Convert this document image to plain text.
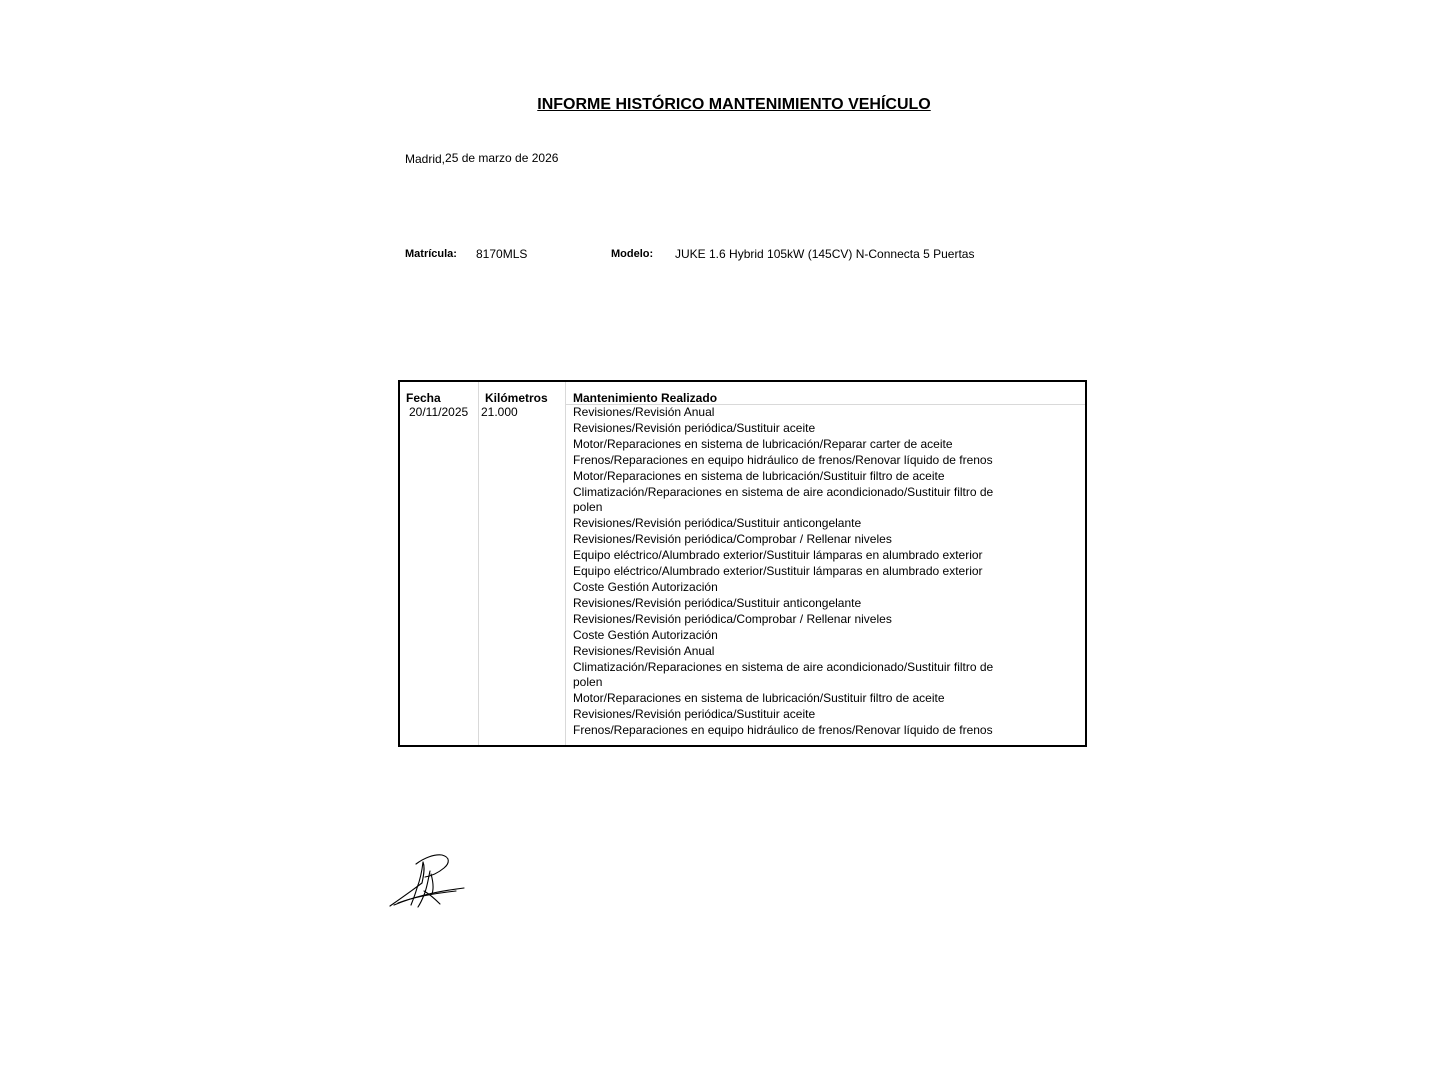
INFORME HISTÓRICO MANTENIMIENTO VEHÍCULO
Madrid,25 de marzo de 2026
Matrícula: 8170MLS	Modelo: JUKE 1.6 Hybrid 105kW (145CV) N-Connecta 5 Puertas
Fecha	Kilómetros Mantenimiento Realizado
20/11/2025 21.000	Revisiones/Revisión Anual
Revisiones/Revisión periódica/Sustituir aceite
Motor/Reparaciones en sistema de lubricación/Reparar carter de aceite
Frenos/Reparaciones en equipo hidráulico de frenos/Renovar líquido de frenos
Motor/Reparaciones en sistema de lubricación/Sustituir filtro de aceite
Climatización/Reparaciones en sistema de aire acondicionado/Sustituir filtro de
polen
Revisiones/Revisión periódica/Sustituir anticongelante
Revisiones/Revisión periódica/Comprobar / Rellenar niveles
Equipo eléctrico/Alumbrado exterior/Sustituir lámparas en alumbrado exterior
Equipo eléctrico/Alumbrado exterior/Sustituir lámparas en alumbrado exterior
Coste Gestión Autorización
Revisiones/Revisión periódica/Sustituir anticongelante
Revisiones/Revisión periódica/Comprobar / Rellenar niveles
Coste Gestión Autorización
Revisiones/Revisión Anual
Climatización/Reparaciones en sistema de aire acondicionado/Sustituir filtro de
polen
Motor/Reparaciones en sistema de lubricación/Sustituir filtro de aceite
Revisiones/Revisión periódica/Sustituir aceite
Frenos/Reparaciones en equipo hidráulico de frenos/Renovar líquido de frenos
